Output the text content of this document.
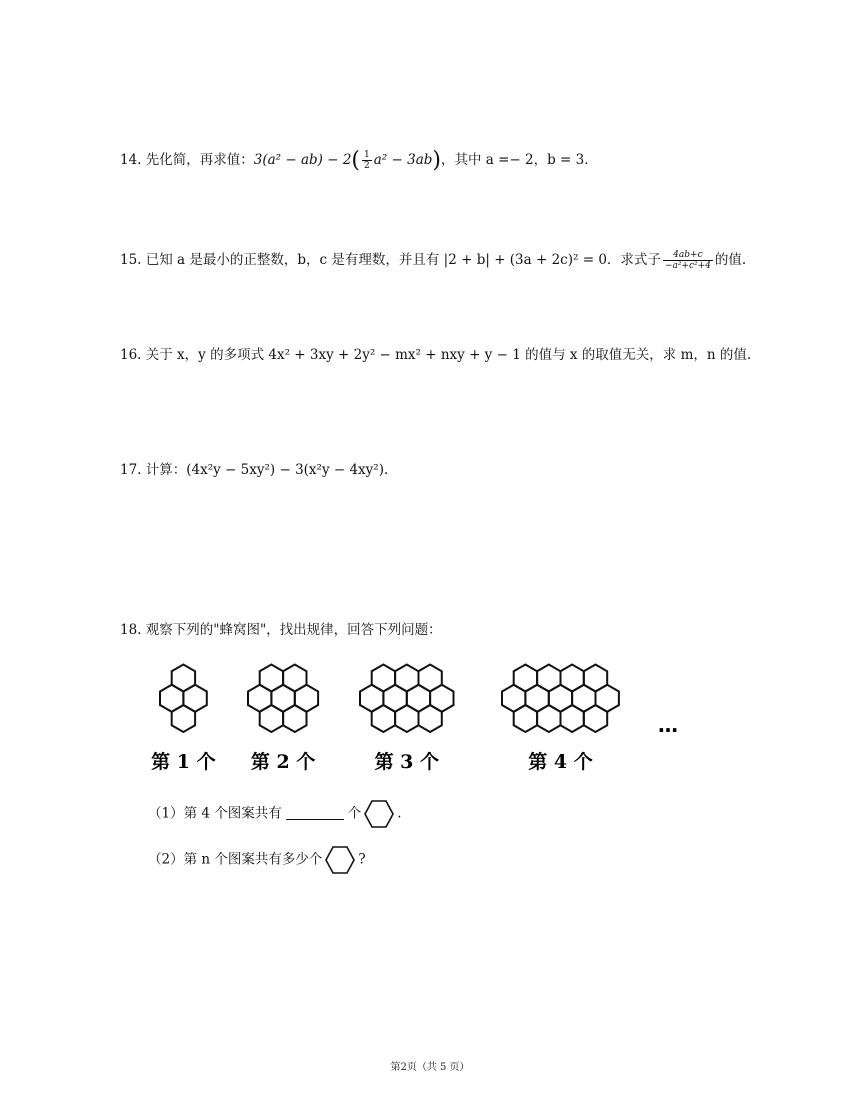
14. 先化简，再求值：$3(a^2 - ab) - 2( \frac{1}{2} a^2 - 3ab)$，其中 a =− 2，b = 3．
15. 已知 a 是最小的正整数，b，c 是有理数，并且有 |2 + b| + (3a + 2c)² = 0．求式子 $\frac{4ab+c}{\text{−a²+c²+4}}$ 的值.
16. 关于 x，y 的多项式 4x² + 3xy + 2y² − mx² + nxy + y − 1 的值与 x 的取值无关，求 m，n 的值.
17. 计算：(4x²y − 5xy²) − 3(x²y − 4xy²).
18. 观察下列的"蜂窝图"，找出规律，回答下列问题：
第 1 个 第 2 个	第 3 个	第 4 个
…
（1）第 4 个图案共有	个	.
（2）第 n 个图案共有多少个	?
第2页（共 5 页）
